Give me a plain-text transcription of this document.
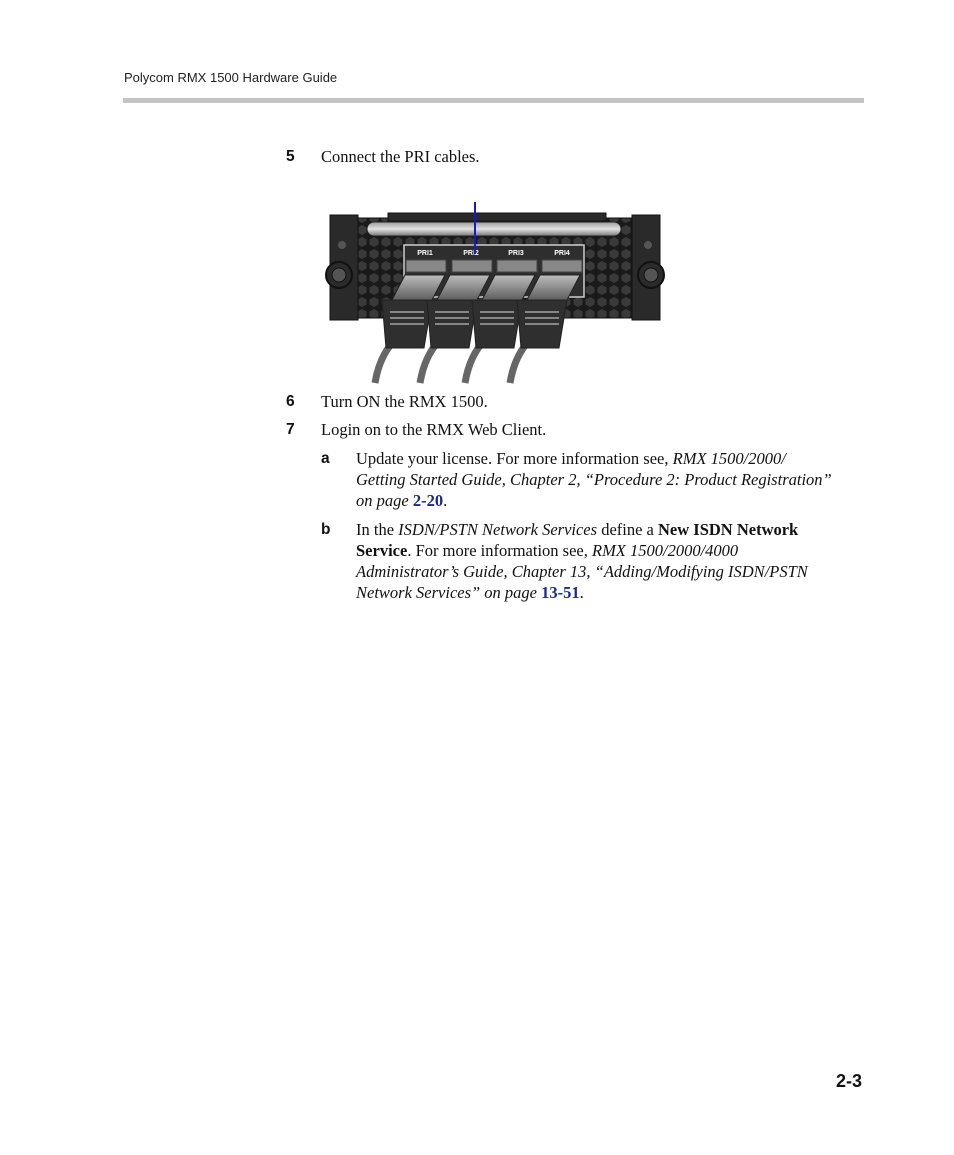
Polycom RMX 1500 Hardware Guide
5 Connect the PRI cables.
PRI1	PRI2	PRI3	PRI4
6 Turn ON the RMX 1500.
7 Login on to the RMX Web Client.
a Update your license. For more information see, RMX 1500/2000/
Getting Started Guide, Chapter 2, “Procedure 2: Product Registration”
on page 2-20.
b In the ISDN/PSTN Network Services define a New ISDN Network
Service. For more information see, RMX 1500/2000/4000
Administrator’s Guide, Chapter 13, “Adding/Modifying ISDN/PSTN
Network Services” on page 13-51.
2-3
